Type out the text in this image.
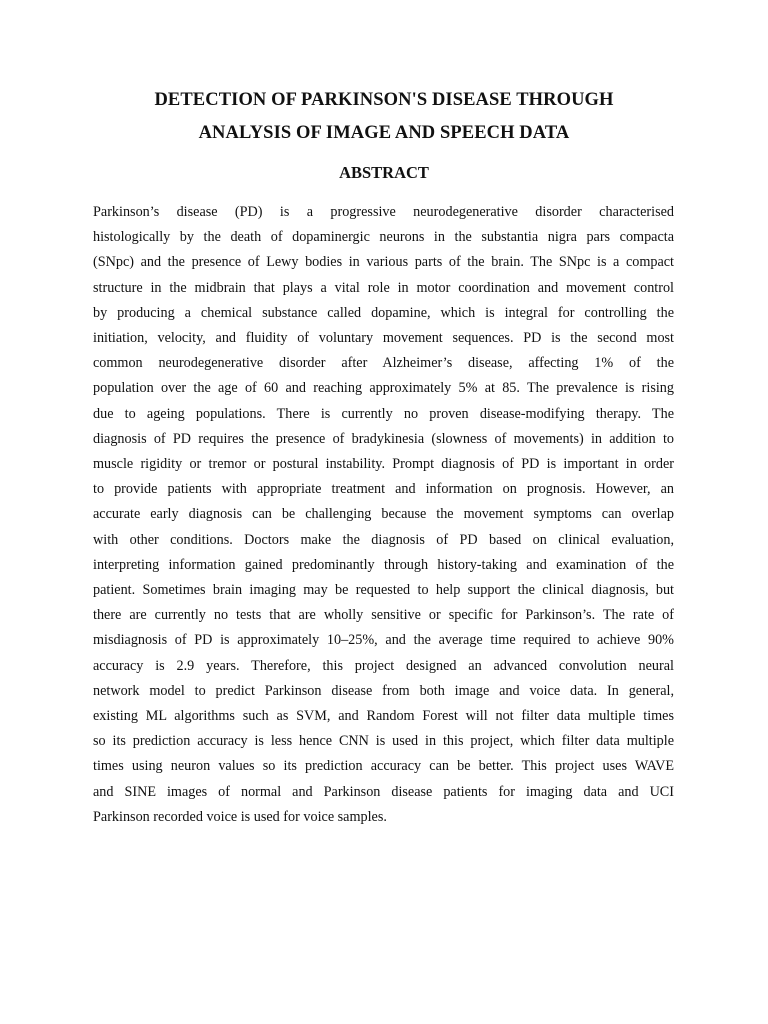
DETECTION OF PARKINSON'S DISEASE THROUGH
ANALYSIS OF IMAGE AND SPEECH DATA
ABSTRACT
Parkinson’s disease (PD) is a progressive neurodegenerative disorder characterised
histologically by the death of dopaminergic neurons in the substantia nigra pars compacta
(SNpc) and the presence of Lewy bodies in various parts of the brain. The SNpc is a compact
structure in the midbrain that plays a vital role in motor coordination and movement control
by producing a chemical substance called dopamine, which is integral for controlling the
initiation, velocity, and fluidity of voluntary movement sequences. PD is the second most
common neurodegenerative disorder after Alzheimer’s disease, affecting 1% of the
population over the age of 60 and reaching approximately 5% at 85. The prevalence is rising
due to ageing populations. There is currently no proven disease-modifying therapy. The
diagnosis of PD requires the presence of bradykinesia (slowness of movements) in addition to
muscle rigidity or tremor or postural instability. Prompt diagnosis of PD is important in order
to provide patients with appropriate treatment and information on prognosis. However, an
accurate early diagnosis can be challenging because the movement symptoms can overlap
with other conditions. Doctors make the diagnosis of PD based on clinical evaluation,
interpreting information gained predominantly through history-taking and examination of the
patient. Sometimes brain imaging may be requested to help support the clinical diagnosis, but
there are currently no tests that are wholly sensitive or specific for Parkinson’s. The rate of
misdiagnosis of PD is approximately 10–25%, and the average time required to achieve 90%
accuracy is 2.9 years. Therefore, this project designed an advanced convolution neural
network model to predict Parkinson disease from both image and voice data. In general,
existing ML algorithms such as SVM, and Random Forest will not filter data multiple times
so its prediction accuracy is less hence CNN is used in this project, which filter data multiple
times using neuron values so its prediction accuracy can be better. This project uses WAVE
and SINE images of normal and Parkinson disease patients for imaging data and UCI
Parkinson recorded voice is used for voice samples.
